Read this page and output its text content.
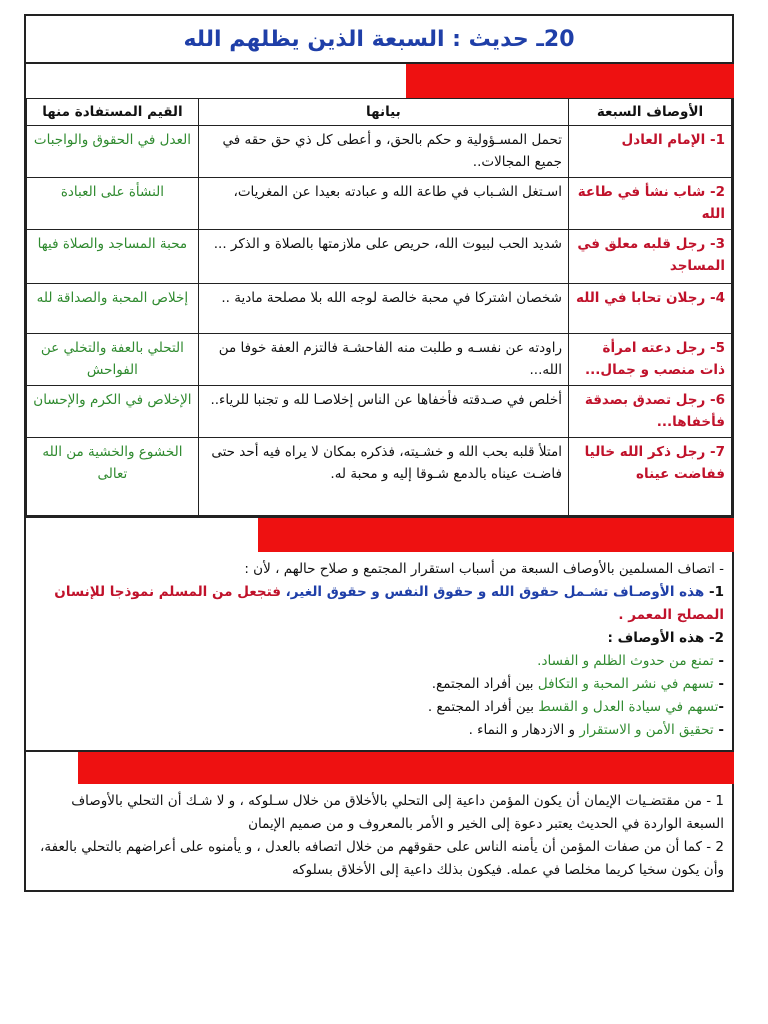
20ـ حديث : السبعة الذين يظلهم الله
الأوصاف السبعة	بيانها	القيم المستفادة منها
1- الإمام العادل	تحمل المسـؤولية و حكم بالحق، و أعطى كل ذي حق حقه في جميع المجالات..	العدل في الحقوق والواجبات
2- شاب نشأ في طاعة الله	اسـتغل الشـباب في طاعة الله و عبادته بعيدا عن المغريات،	النشأة على العبادة
3- رجل قلبه معلق في المساجد	شديد الحب لبيوت الله، حريص على ملازمتها بالصلاة و الذكر ...	محبة المساجد والصلاة فيها
4- رجلان تحابا في الله	شخصان اشتركا في محبة خالصة لوجه الله بلا مصلحة مادية ..	إخلاص المحبة والصداقة لله
5- رجل دعته امرأة ذات منصب و جمال...	راودته عن نفسـه و طلبت منه الفاحشـة فالتزم العفة خوفا من الله...	التحلي بالعفة والتخلي عن الفواحش
6- رجل تصدق بصدقة فأخفاها...	أخلص في صـدقته فأخفاها عن الناس إخلاصـا لله و تجنبا للرياء..	الإخلاص في الكرم والإحسان
7- رجل ذكر الله خاليا ففاضت عيناه	امتلأ قلبه بحب الله و خشـيته، فذكره بمكان لا يراه فيه أحد حتى فاضـت عيناه بالدمع شـوقا إليه و محبة له.	الخشوع والخشية من الله تعالى

- اتصاف المسلمين بالأوصاف السبعة من أسباب استقرار المجتمع و صلاح حالهم ، لأن :

1- هذه الأوصـاف تشـمل حقوق الله و حقوق النفس و حقوق الغير، فتجعل من المسلم نموذجا للإنسان المصلح المعمر .

2- هذه الأوصاف :

- تمنع من حدوث الظلم و الفساد.

- تسهم في نشر المحبة و التكافل بين أفراد المجتمع.

-تسهم في سيادة العدل و القسط بين أفراد المجتمع .

- تحقيق الأمن و الاستقرار و الازدهار و النماء .

1 - من مقتضـيات الإيمان أن يكون المؤمن داعية إلى التحلي بالأخلاق من خلال سـلوكه ، و لا شـك أن التحلي بالأوصاف السبعة الواردة في الحديث يعتبر دعوة إلى الخير و الأمر بالمعروف و من صميم الإيمان

2 - كما أن من صفات المؤمن أن يأمنه الناس على حقوقهم من خلال اتصافه بالعدل ، و يأمنوه على أعراضهم بالتحلي بالعفة، وأن يكون سخيا كريما مخلصا في عمله. فيكون بذلك داعية إلى الأخلاق بسلوكه
